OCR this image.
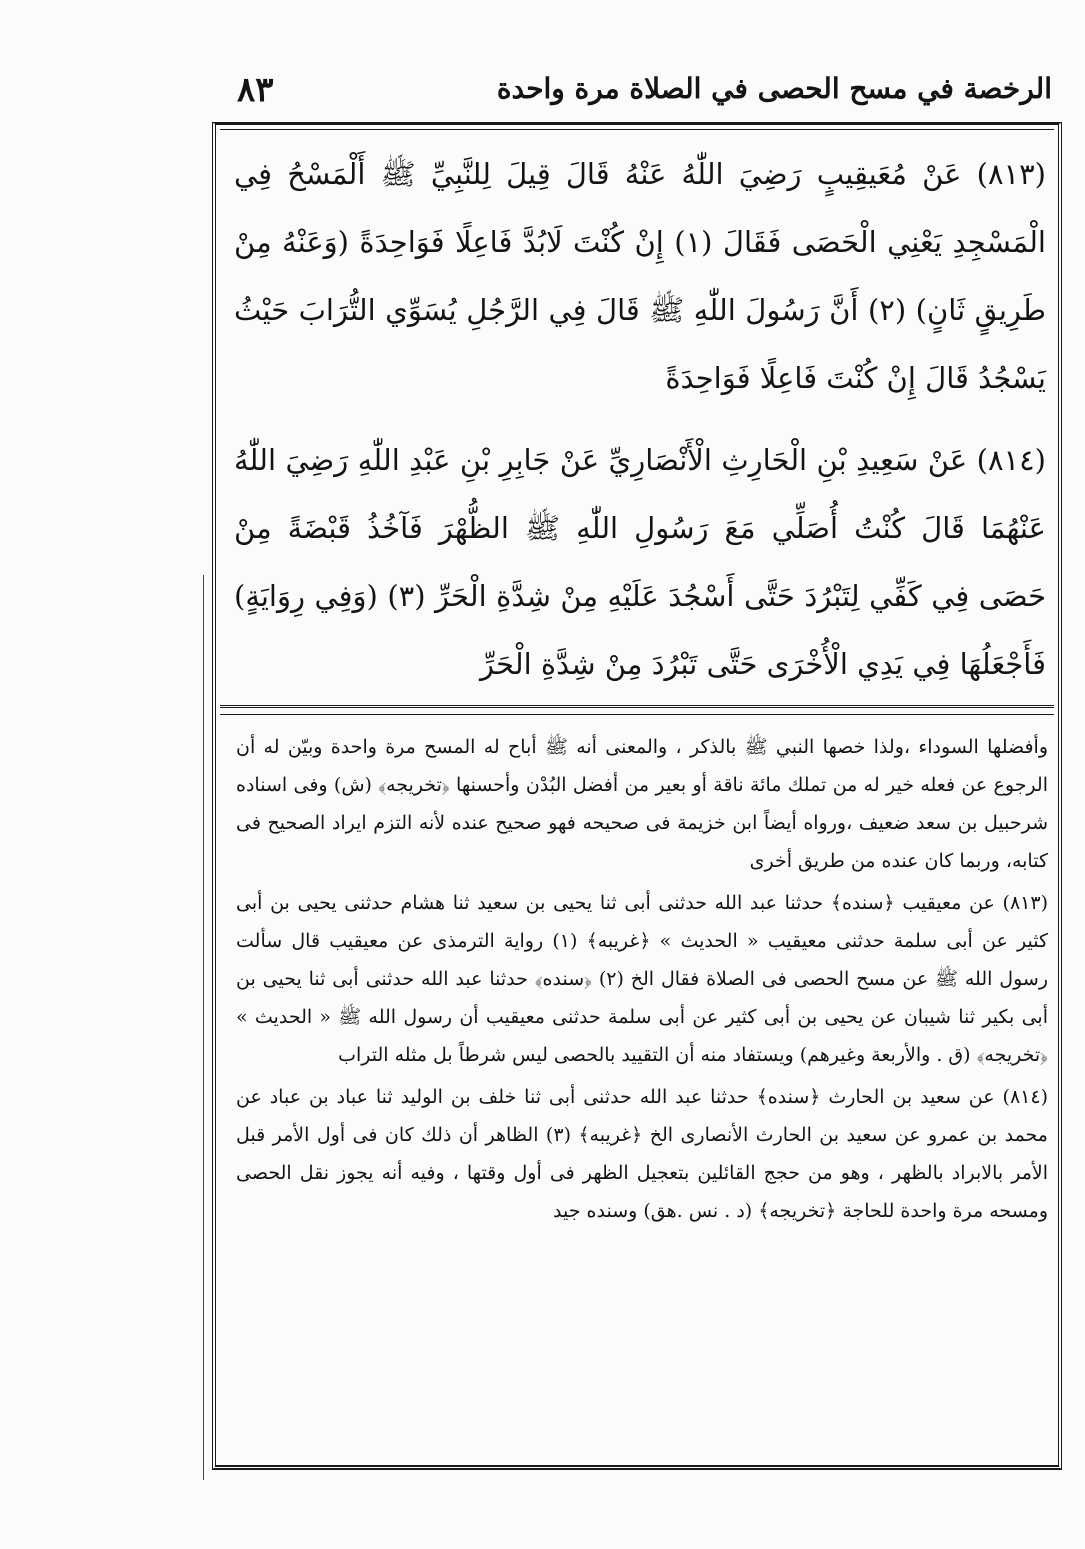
الرخصة في مسح الحصى في الصلاة مرة واحدة
٨٣

(٨١٣) عَنْ مُعَيقِيبٍ رَضِيَ اللّٰهُ عَنْهُ قَالَ قِيلَ لِلنَّبِيِّ ﷺ أَلْمَسْحُ فِي الْمَسْجِدِ يَعْنِي الْحَصَى فَقَالَ (١) إِنْ كُنْتَ لَابُدَّ فَاعِلًا فَوَاحِدَةً (وَعَنْهُ مِنْ طَرِيقٍ ثَانٍ) (٢) أَنَّ رَسُولَ اللّٰهِ ﷺ قَالَ فِي الرَّجُلِ يُسَوِّي التُّرَابَ حَيْثُ يَسْجُدُ قَالَ إِنْ كُنْتَ فَاعِلًا فَوَاحِدَةً

(٨١٤) عَنْ سَعِيدِ بْنِ الْحَارِثِ الْأَنْصَارِيِّ عَنْ جَابِرِ بْنِ عَبْدِ اللّٰهِ رَضِيَ اللّٰهُ عَنْهُمَا قَالَ كُنْتُ أُصَلِّي مَعَ رَسُولِ اللّٰهِ ﷺ الظُّهْرَ فَآخُذُ قَبْضَةً مِنْ حَصَى فِي كَفِّي لِتَبْرُدَ حَتَّى أَسْجُدَ عَلَيْهِ مِنْ شِدَّةِ الْحَرِّ (٣) (وَفِي رِوَايَةٍ) فَأَجْعَلُهَا فِي يَدِي الْأُخْرَى حَتَّى تَبْرُدَ مِنْ شِدَّةِ الْحَرِّ

وأفضلها السوداء ،ولذا خصها النبي ﷺ بالذكر ، والمعنى أنه ﷺ أباح له المسح مرة واحدة وبيّن له أن الرجوع عن فعله خير له من تملك مائة ناقة أو بعير من أفضل البُدْن وأحسنها ﴿تخريجه﴾ (ش) وفى اسناده شرحبيل بن سعد ضعيف ،ورواه أيضاً ابن خزيمة فى صحيحه فهو صحيح عنده لأنه التزم ايراد الصحيح فى كتابه، وربما كان عنده من طريق أخرى

(٨١٣) عن معيقيب ﴿سنده﴾ حدثنا عبد الله حدثنى أبى ثنا يحيى بن سعيد ثنا هشام حدثنى يحيى بن أبى كثير عن أبى سلمة حدثنى معيقيب « الحديث » ﴿غريبه﴾ (١) رواية الترمذى عن معيقيب قال سألت رسول الله ﷺ عن مسح الحصى فى الصلاة فقال الخ (٢) ﴿سنده﴾ حدثنا عبد الله حدثنى أبى ثنا يحيى بن أبى بكير ثنا شيبان عن يحيى بن أبى كثير عن أبى سلمة حدثنى معيقيب أن رسول الله ﷺ « الحديث » ﴿تخريجه﴾ (ق . والأربعة وغيرهم) ويستفاد منه أن التقييد بالحصى ليس شرطاً بل مثله التراب

(٨١٤) عن سعيد بن الحارث ﴿سنده﴾ حدثنا عبد الله حدثنى أبى ثنا خلف بن الوليد ثنا عباد بن عباد عن محمد بن عمرو عن سعيد بن الحارث الأنصارى الخ ﴿غريبه﴾ (٣) الظاهر أن ذلك كان فى أول الأمر قبل الأمر بالابراد بالظهر ، وهو من حجج القائلين بتعجيل الظهر فى أول وقتها ، وفيه أنه يجوز نقل الحصى ومسحه مرة واحدة للحاجة ﴿تخريجه﴾ (د . نس .هق) وسنده جيد
